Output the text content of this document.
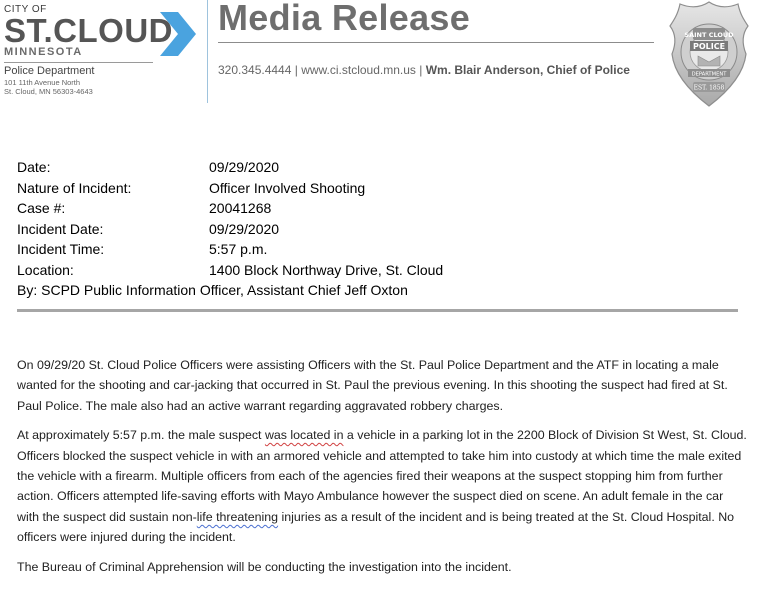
CITY OF
ST.CLOUD
MINNESOTA
Police Department
101 11th Avenue North
St. Cloud, MN 56303-4643
Media Release
320.345.4444 | www.ci.stcloud.mn.us | Wm. Blair Anderson, Chief of Police
SAINT CLOUD
POLICE
DEPARTMENT
EST. 1858
Date:	09/29/2020
Nature of Incident:	Officer Involved Shooting
Case #:	20041268
Incident Date:	09/29/2020
Incident Time:	5:57 p.m.
Location:	1400 Block Northway Drive, St. Cloud
By: SCPD Public Information Officer, Assistant Chief Jeff Oxton

On 09/29/20 St. Cloud Police Officers were assisting Officers with the St. Paul Police Department and the ATF in locating a male wanted for the shooting and car-jacking that occurred in St. Paul the previous evening. In this shooting the suspect had fired at St. Paul Police. The male also had an active warrant regarding aggravated robbery charges.

At approximately 5:57 p.m. the male suspect was located in a vehicle in a parking lot in the 2200 Block of Division St West, St. Cloud. Officers blocked the suspect vehicle in with an armored vehicle and attempted to take him into custody at which time the male exited the vehicle with a firearm. Multiple officers from each of the agencies fired their weapons at the suspect stopping him from further action. Officers attempted life-saving efforts with Mayo Ambulance however the suspect died on scene. An adult female in the car with the suspect did sustain non-life threatening injuries as a result of the incident and is being treated at the St. Cloud Hospital. No officers were injured during the incident.

The Bureau of Criminal Apprehension will be conducting the investigation into the incident.
